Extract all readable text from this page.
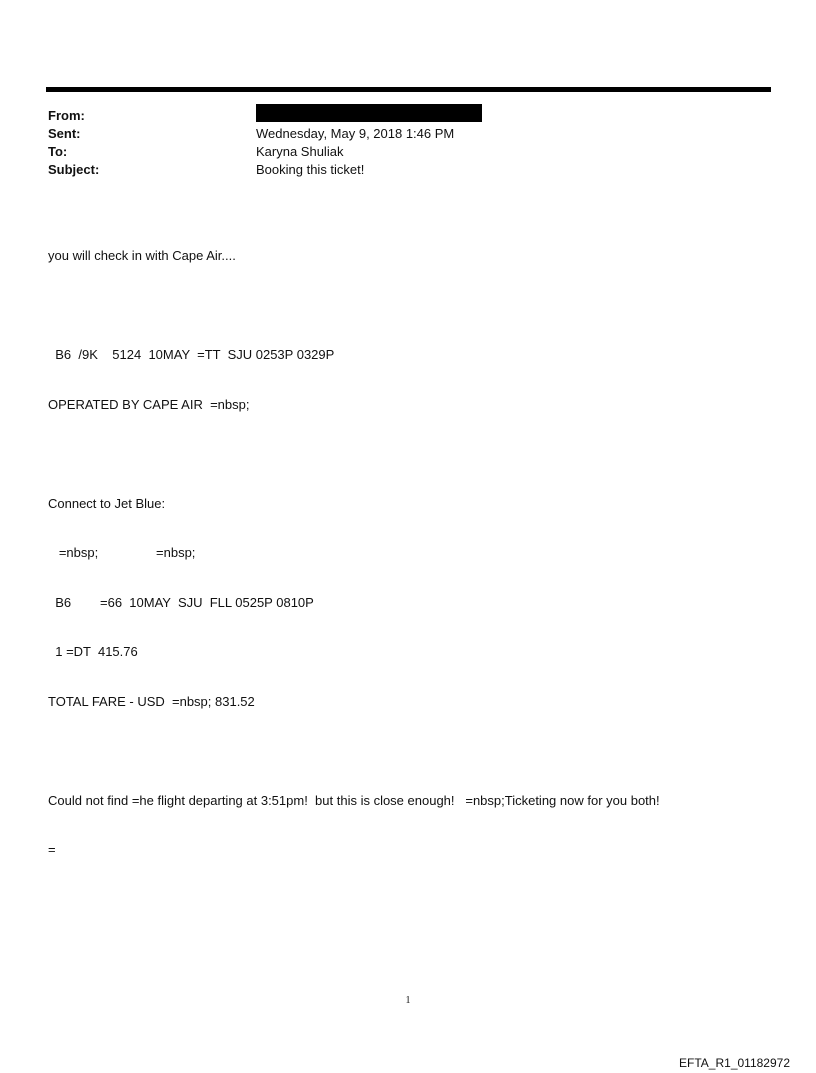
From:
Sent:	Wednesday, May 9, 2018 1:46 PM
To:	Karyna Shuliak
Subject:	Booking this ticket!

you will check in with Cape Air....

B6  /9K    5124  10MAY  =TT  SJU 0253P 0329P

OPERATED BY CAPE AIR  =nbsp;

Connect to Jet Blue:

=nbsp;                =nbsp;

B6        =66  10MAY  SJU  FLL 0525P 0810P

1 =DT  415.76

TOTAL FARE - USD  =nbsp; 831.52

Could not find =he flight departing at 3:51pm!  but this is close enough!   =nbsp;Ticketing now for you both!

=

1
EFTA_R1_01182972
